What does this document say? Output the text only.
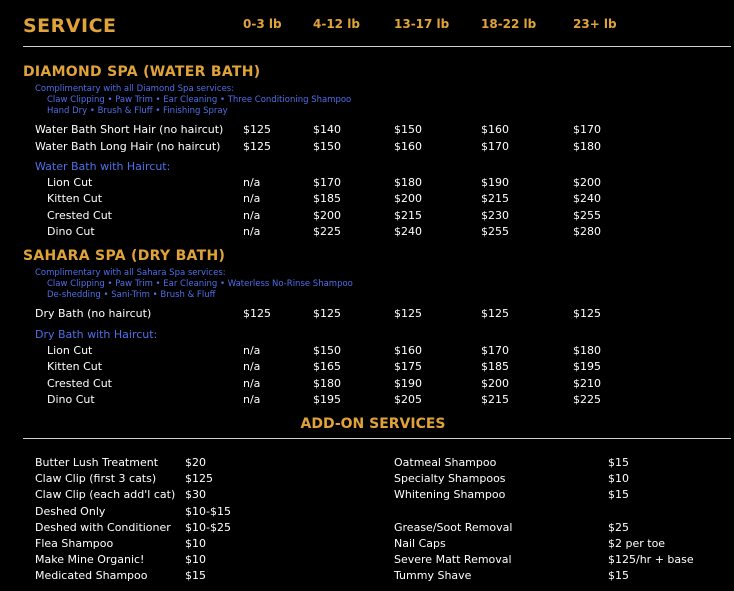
SERVICE	0-3 lb	4-12 lb	13-17 lb	18-22 lb	23+ lb
DIAMOND SPA (WATER BATH)
Complimentary with all Diamond Spa services:
Claw Clipping • Paw Trim • Ear Cleaning • Three Conditioning Shampoo
Hand Dry • Brush & Fluff • Finishing Spray
Water Bath Short Hair (no haircut) $125	$140	$150	$160	$170
Water Bath Long Hair (no haircut) $125	$150	$160	$170	$180
Water Bath with Haircut:
Lion Cut	n/a	$170	$180	$190	$200
Kitten Cut	n/a	$185	$200	$215	$240
Crested Cut	n/a	$200	$215	$230	$255
Dino Cut	n/a	$225	$240	$255	$280
SAHARA SPA (DRY BATH)
Complimentary with all Sahara Spa services:
Claw Clipping • Paw Trim • Ear Cleaning • Waterless No-Rinse Shampoo
De-shedding • Sani-Trim • Brush & Fluff
Dry Bath (no haircut)	$125	$125	$125	$125	$125
Dry Bath with Haircut:
Lion Cut	n/a	$150	$160	$170	$180
Kitten Cut	n/a	$165	$175	$185	$195
Crested Cut	n/a	$180	$190	$200	$210
Dino Cut	n/a	$195	$205	$215	$225
ADD-ON SERVICES
Butter Lush Treatment $20
Claw Clip (first 3 cats)	$125
Claw Clip (each add'l cat) $30
Deshed Only	$10-$15
Deshed with Conditioner $10-$25
Flea Shampoo	$10
Make Mine Organic!	$10
Medicated Shampoo	$15
Oatmeal Shampoo	$15
Specialty Shampoos	$10
Whitening Shampoo	$15
Grease/Soot Removal	$25
Nail Caps	$2 per toe
Severe Matt Removal	$125/hr + base
Tummy Shave	$15
